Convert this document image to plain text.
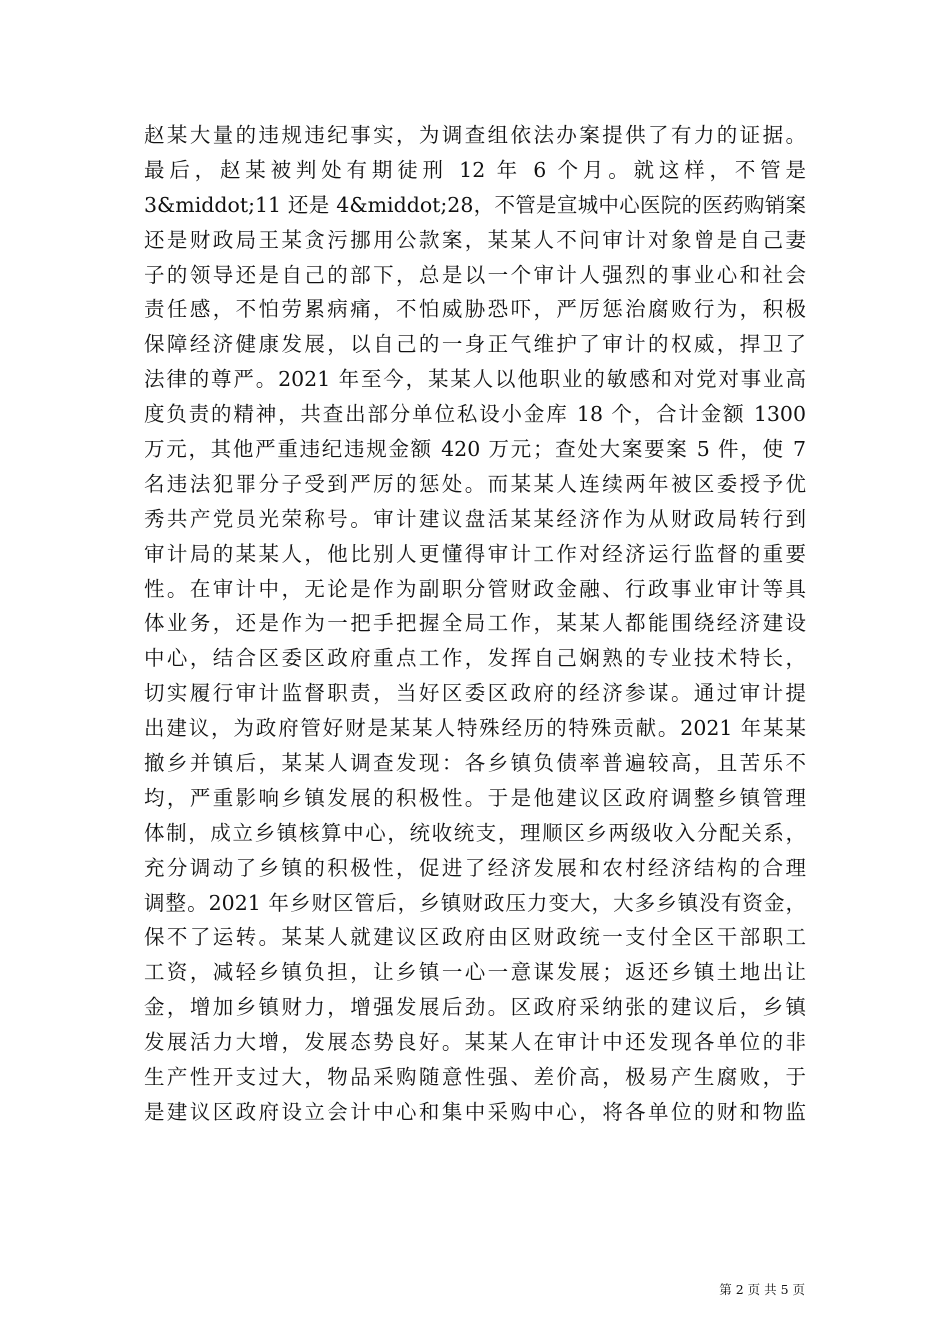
赵某大量的违规违纪事实，为调查组依法办案提供了有力的证据。
最后，赵某被判处有期徒刑 12 年 6 个月。就这样，不管是
3&middot;11 还是 4&middot;28，不管是宣城中心医院的医药购销案
还是财政局王某贪污挪用公款案，某某人不问审计对象曾是自己妻
子的领导还是自己的部下，总是以一个审计人强烈的事业心和社会
责任感，不怕劳累病痛，不怕威胁恐吓，严厉惩治腐败行为，积极
保障经济健康发展，以自己的一身正气维护了审计的权威，捍卫了
法律的尊严。2021 年至今，某某人以他职业的敏感和对党对事业高
度负责的精神，共查出部分单位私设小金库 18 个，合计金额 1300
万元，其他严重违纪违规金额 420 万元；查处大案要案 5 件，使 7
名违法犯罪分子受到严厉的惩处。而某某人连续两年被区委授予优
秀共产党员光荣称号。审计建议盘活某某经济作为从财政局转行到
审计局的某某人，他比别人更懂得审计工作对经济运行监督的重要
性。在审计中，无论是作为副职分管财政金融、行政事业审计等具
体业务，还是作为一把手把握全局工作，某某人都能围绕经济建设
中心，结合区委区政府重点工作，发挥自己娴熟的专业技术特长，
切实履行审计监督职责，当好区委区政府的经济参谋。通过审计提
出建议，为政府管好财是某某人特殊经历的特殊贡献。2021 年某某
撤乡并镇后，某某人调查发现：各乡镇负债率普遍较高，且苦乐不
均，严重影响乡镇发展的积极性。于是他建议区政府调整乡镇管理
体制，成立乡镇核算中心，统收统支，理顺区乡两级收入分配关系，
充分调动了乡镇的积极性，促进了经济发展和农村经济结构的合理
调整。2021 年乡财区管后，乡镇财政压力变大，大多乡镇没有资金，
保不了运转。某某人就建议区政府由区财政统一支付全区干部职工
工资，减轻乡镇负担，让乡镇一心一意谋发展；返还乡镇土地出让
金，增加乡镇财力，增强发展后劲。区政府采纳张的建议后，乡镇
发展活力大增，发展态势良好。某某人在审计中还发现各单位的非
生产性开支过大，物品采购随意性强、差价高，极易产生腐败，于
是建议区政府设立会计中心和集中采购中心，将各单位的财和物监
第 2 页 共 5 页
